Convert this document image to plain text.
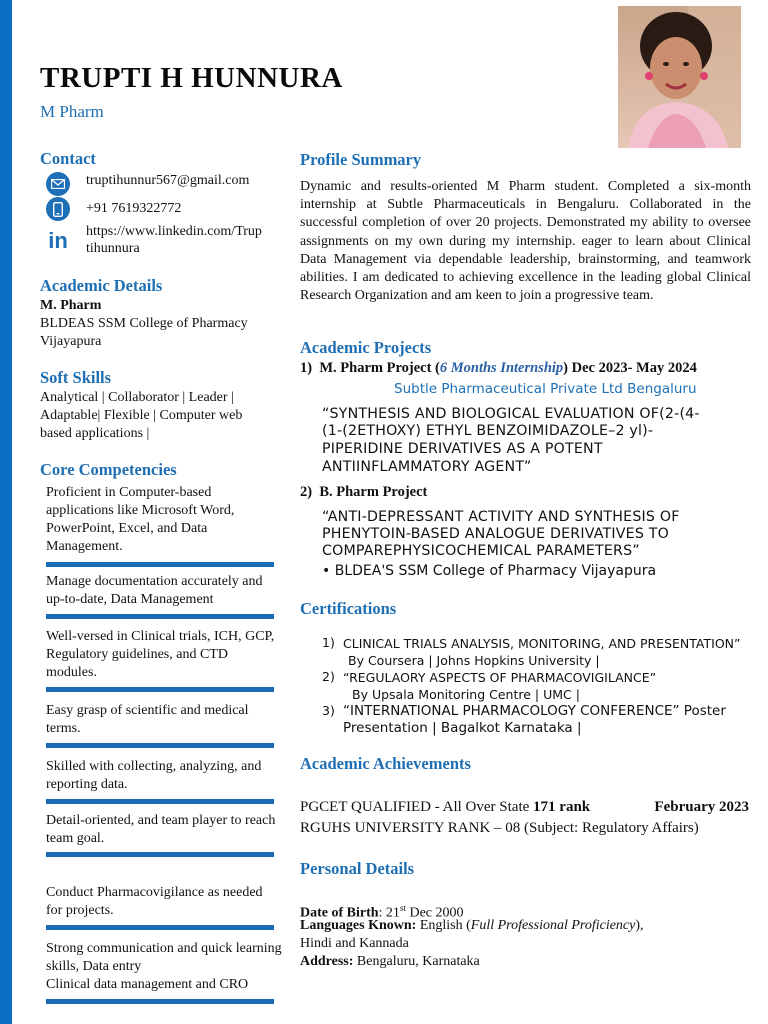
TRUPTI H HUNNURA
M Pharm
Contact
truptihunnur567@gmail.com
+91 7619322772
in https://www.linkedin.com/Trup
tihunnura
Academic Details
M. Pharm
BLDEAS SSM College of Pharmacy
Vijayapura
Soft Skills
Analytical | Collaborator | Leader |
Adaptable| Flexible | Computer web
based applications |
Core Competencies
Proficient in Computer-based applications like Microsoft Word, PowerPoint, Excel, and Data Management.
Manage documentation accurately and up-to-date, Data Management
Well-versed in Clinical trials, ICH, GCP, Regulatory guidelines, and CTD modules.
Easy grasp of scientific and medical terms.
Skilled with collecting, analyzing, and reporting data.
Detail-oriented, and team player to reach team goal.
Conduct Pharmacovigilance as needed for projects.
Strong communication and quick learning skills, Data entry
Clinical data management and CRO
Profile Summary
Dynamic and results-oriented M Pharm student. Completed a six-month internship at Subtle Pharmaceuticals in Bengaluru. Collaborated in the successful completion of over 20 projects. Demonstrated my ability to oversee assignments on my own during my internship. eager to learn about Clinical Data Management via dependable leadership, brainstorming, and teamwork abilities. I am dedicated to achieving excellence in the leading global Clinical Research Organization and am keen to join a progressive team.
Academic Projects
1) M. Pharm Project (6 Months Internship) Dec 2023- May 2024
Subtle Pharmaceutical Private Ltd Bengaluru
“SYNTHESIS AND BIOLOGICAL EVALUATION OF(2-(4-
(1-(2ETHOXY) ETHYL BENZOIMIDAZOLE–2 yl)-
PIPERIDINE DERIVATIVES AS A POTENT
ANTIINFLAMMATORY AGENT”
2) B. Pharm Project
“ANTI-DEPRESSANT ACTIVITY AND SYNTHESIS OF
PHENYTOIN-BASED ANALOGUE DERIVATIVES TO
COMPAREPHYSICOCHEMICAL PARAMETERS”
• BLDEA'S SSM College of Pharmacy Vijayapura
Certifications
1) CLINICAL TRIALS ANALYSIS, MONITORING, AND PRESENTATION”
By Coursera | Johns Hopkins University |
2) “REGULAORY ASPECTS OF PHARMACOVIGILANCE”
By Upsala Monitoring Centre | UMC |
3) “INTERNATIONAL PHARMACOLOGY CONFERENCE” Poster
Presentation | Bagalkot Karnataka |
Academic Achievements
PGCET QUALIFIED - All Over State 171 rank	February 2023
RGUHS UNIVERSITY RANK – 08 (Subject: Regulatory Affairs)
Personal Details
Date of Birth: 21st Dec 2000
Languages Known: English (Full Professional Proficiency),
Hindi and Kannada
Address: Bengaluru, Karnataka
